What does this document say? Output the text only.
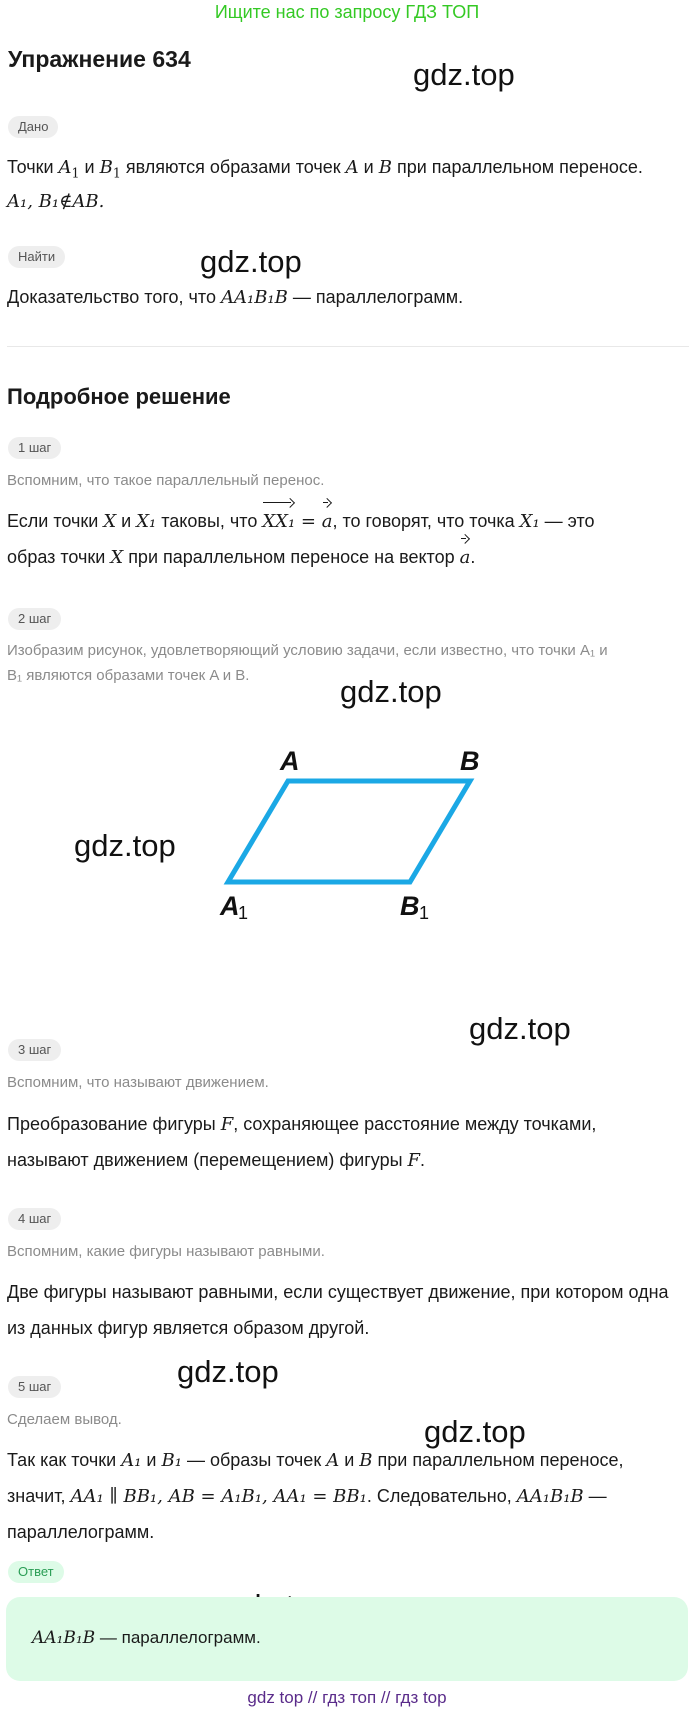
Ищите нас по запросу ГДЗ ТОП
Упражнение 634	gdz.top
gdz.top
gdz.top
gdz.top
gdz.top
gdz.top
gdz.top
Дано
Точки $A_1$ и $B_1$ являются образами точек A и B при параллельном переносе.
A₁, B₁∉AB.
Найти
Доказательство того, что AA₁B₁B — параллелограмм.
Подробное решение
1 шаг
Вспомним, что такое параллельный перенос.
Если точки X и X₁ таковы, что XX₁ = a, то говорят, что точка X₁ — это
образ точки X при параллельном переносе на вектор a.
2 шаг
Изобразим рисунок, удовлетворяющий условию задачи, если известно, что точки A₁ и
B₁ являются образами точек A и B.
A	B
A
1	B 1
3 шаг
Вспомним, что называют движением.
Преобразование фигуры F, сохраняющее расстояние между точками,
называют движением (перемещением) фигуры F.
4 шаг
Вспомним, какие фигуры называют равными.
Две фигуры называют равными, если существует движение, при котором одна
из данных фигур является образом другой.
5 шаг
Сделаем вывод.
Так как точки A₁ и B₁ — образы точек A и B при параллельном переносе,
значит, AA₁ ∥ BB₁, AB = A₁B₁, AA₁ = BB₁. Следовательно, AA₁B₁B —
параллелограмм.
Ответ
AA₁B₁B — параллелограмм.
gdz top // гдз топ // гдз top
